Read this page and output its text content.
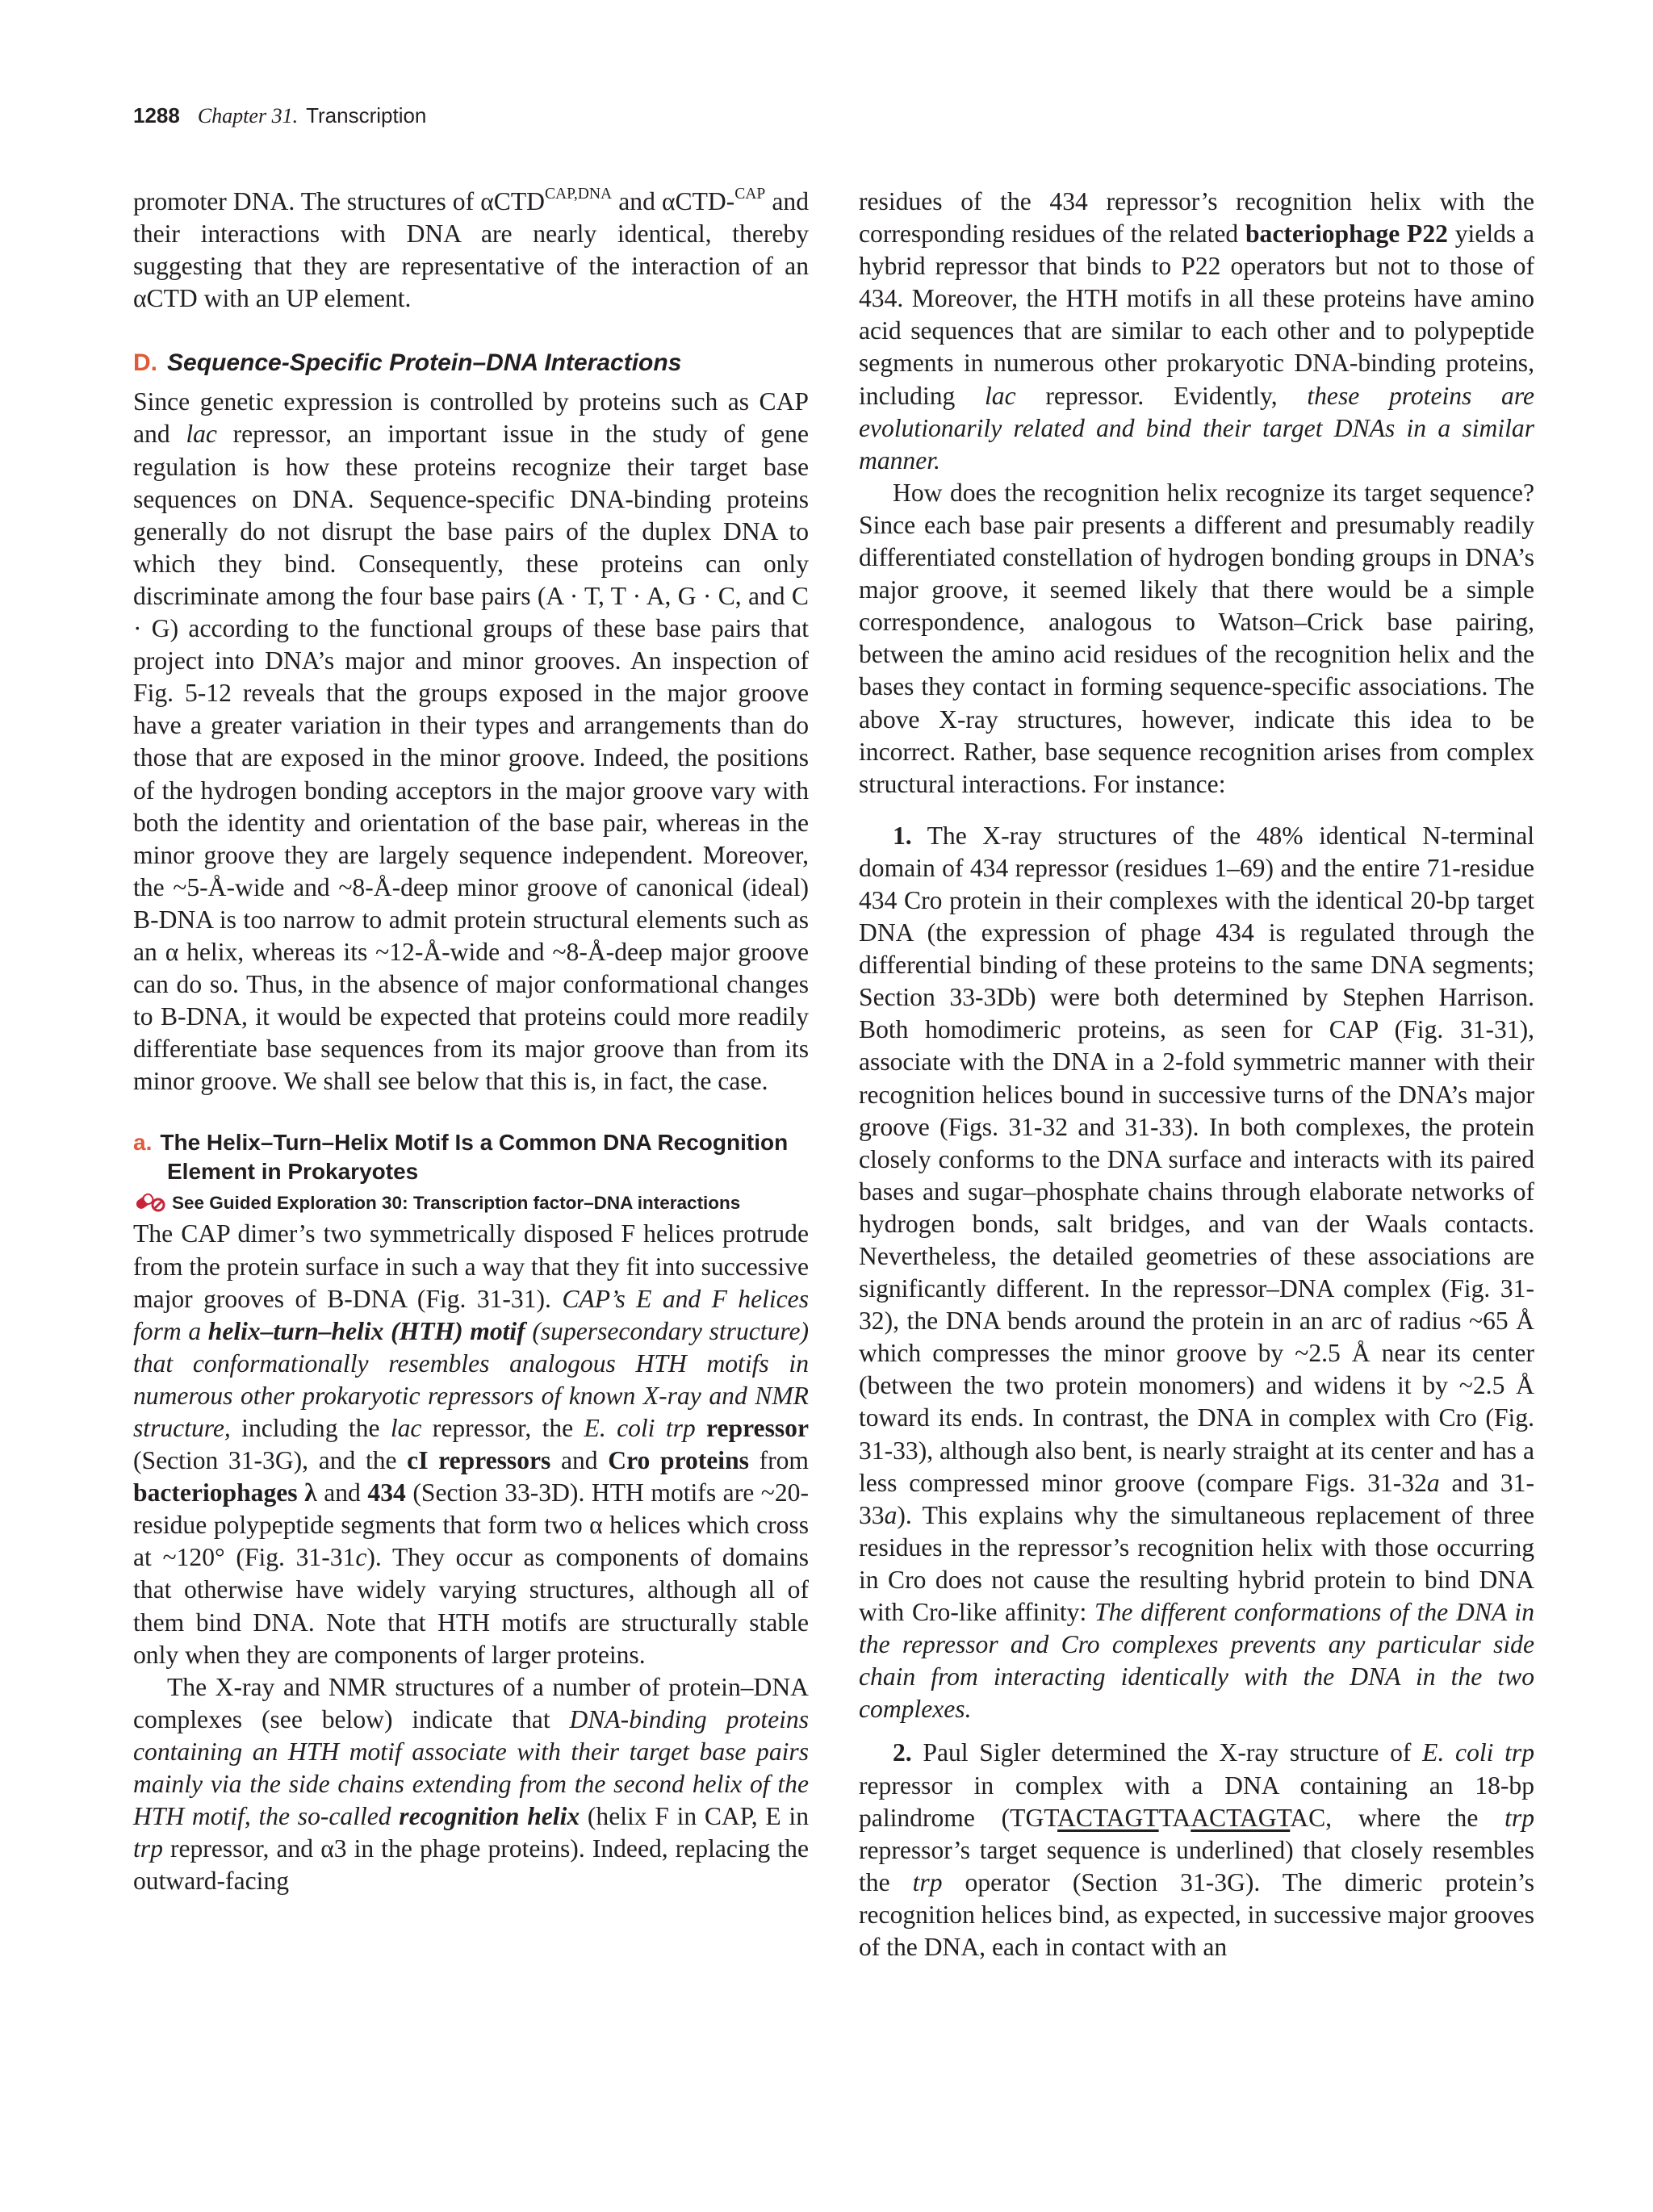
1288 Chapter 31. Transcription

promoter DNA. The structures of αCTD$^{CAP,DNA}$ and αCTD-$^{CAP}$ and their interactions with DNA are nearly identical, thereby suggesting that they are representative of the interaction of an αCTD with an UP element.

D. Sequence-Specific Protein–DNA Interactions

Since genetic expression is controlled by proteins such as CAP and lac repressor, an important issue in the study of gene regulation is how these proteins recognize their target base sequences on DNA. Sequence-specific DNA-binding proteins generally do not disrupt the base pairs of the duplex DNA to which they bind. Consequently, these proteins can only discriminate among the four base pairs (A · T, T · A, G · C, and C · G) according to the functional groups of these base pairs that project into DNA’s major and minor grooves. An inspection of Fig. 5-12 reveals that the groups exposed in the major groove have a greater variation in their types and arrangements than do those that are exposed in the minor groove. Indeed, the positions of the hydrogen bonding acceptors in the major groove vary with both the identity and orientation of the base pair, whereas in the minor groove they are largely sequence independent. Moreover, the ~5-Å-wide and ~8-Å-deep minor groove of canonical (ideal) B-DNA is too narrow to admit protein structural elements such as an α helix, whereas its ~12-Å-wide and ~8-Å-deep major groove can do so. Thus, in the absence of major conformational changes to B-DNA, it would be expected that proteins could more readily differentiate base sequences from its major groove than from its minor groove. We shall see below that this is, in fact, the case.

a. The Helix–Turn–Helix Motif Is a Common DNA Recognition Element in Prokaryotes
See Guided Exploration 30: Transcription factor–DNA interactions

The CAP dimer’s two symmetrically disposed F helices protrude from the protein surface in such a way that they fit into successive major grooves of B-DNA (Fig. 31-31). CAP’s E and F helices form a helix–turn–helix (HTH) motif (supersecondary structure) that conformationally resembles analogous HTH motifs in numerous other prokaryotic repressors of known X-ray and NMR structure, including the lac repressor, the E. coli trp repressor (Section 31-3G), and the cI repressors and Cro proteins from bacteriophages λ and 434 (Section 33-3D). HTH motifs are ~20-residue polypeptide segments that form two α helices which cross at ~120° (Fig. 31-31c). They occur as components of domains that otherwise have widely varying structures, although all of them bind DNA. Note that HTH motifs are structurally stable only when they are components of larger proteins.

The X-ray and NMR structures of a number of protein–DNA complexes (see below) indicate that DNA-binding proteins containing an HTH motif associate with their target base pairs mainly via the side chains extending from the second helix of the HTH motif, the so-called recognition helix (helix F in CAP, E in trp repressor, and α3 in the phage proteins). Indeed, replacing the outward-facing

residues of the 434 repressor’s recognition helix with the corresponding residues of the related bacteriophage P22 yields a hybrid repressor that binds to P22 operators but not to those of 434. Moreover, the HTH motifs in all these proteins have amino acid sequences that are similar to each other and to polypeptide segments in numerous other prokaryotic DNA-binding proteins, including lac repressor. Evidently, these proteins are evolutionarily related and bind their target DNAs in a similar manner.

How does the recognition helix recognize its target sequence? Since each base pair presents a different and presumably readily differentiated constellation of hydrogen bonding groups in DNA’s major groove, it seemed likely that there would be a simple correspondence, analogous to Watson–Crick base pairing, between the amino acid residues of the recognition helix and the bases they contact in forming sequence-specific associations. The above X-ray structures, however, indicate this idea to be incorrect. Rather, base sequence recognition arises from complex structural interactions. For instance:

1. The X-ray structures of the 48% identical N-terminal domain of 434 repressor (residues 1–69) and the entire 71-residue 434 Cro protein in their complexes with the identical 20-bp target DNA (the expression of phage 434 is regulated through the differential binding of these proteins to the same DNA segments; Section 33-3Db) were both determined by Stephen Harrison. Both homodimeric proteins, as seen for CAP (Fig. 31-31), associate with the DNA in a 2-fold symmetric manner with their recognition helices bound in successive turns of the DNA’s major groove (Figs. 31-32 and 31-33). In both complexes, the protein closely conforms to the DNA surface and interacts with its paired bases and sugar–phosphate chains through elaborate networks of hydrogen bonds, salt bridges, and van der Waals contacts. Nevertheless, the detailed geometries of these associations are significantly different. In the repressor–DNA complex (Fig. 31-32), the DNA bends around the protein in an arc of radius ~65 Å which compresses the minor groove by ~2.5 Å near its center (between the two protein monomers) and widens it by ~2.5 Å toward its ends. In contrast, the DNA in complex with Cro (Fig. 31-33), although also bent, is nearly straight at its center and has a less compressed minor groove (compare Figs. 31-32a and 31-33a). This explains why the simultaneous replacement of three residues in the repressor’s recognition helix with those occurring in Cro does not cause the resulting hybrid protein to bind DNA with Cro-like affinity: The different conformations of the DNA in the repressor and Cro complexes prevents any particular side chain from interacting identically with the DNA in the two complexes.

2. Paul Sigler determined the X-ray structure of E. coli trp repressor in complex with a DNA containing an 18-bp palindrome (TGTACTAGTTAACTAGTAC, where the trp repressor’s target sequence is underlined) that closely resembles the trp operator (Section 31-3G). The dimeric protein’s recognition helices bind, as expected, in successive major grooves of the DNA, each in contact with an
